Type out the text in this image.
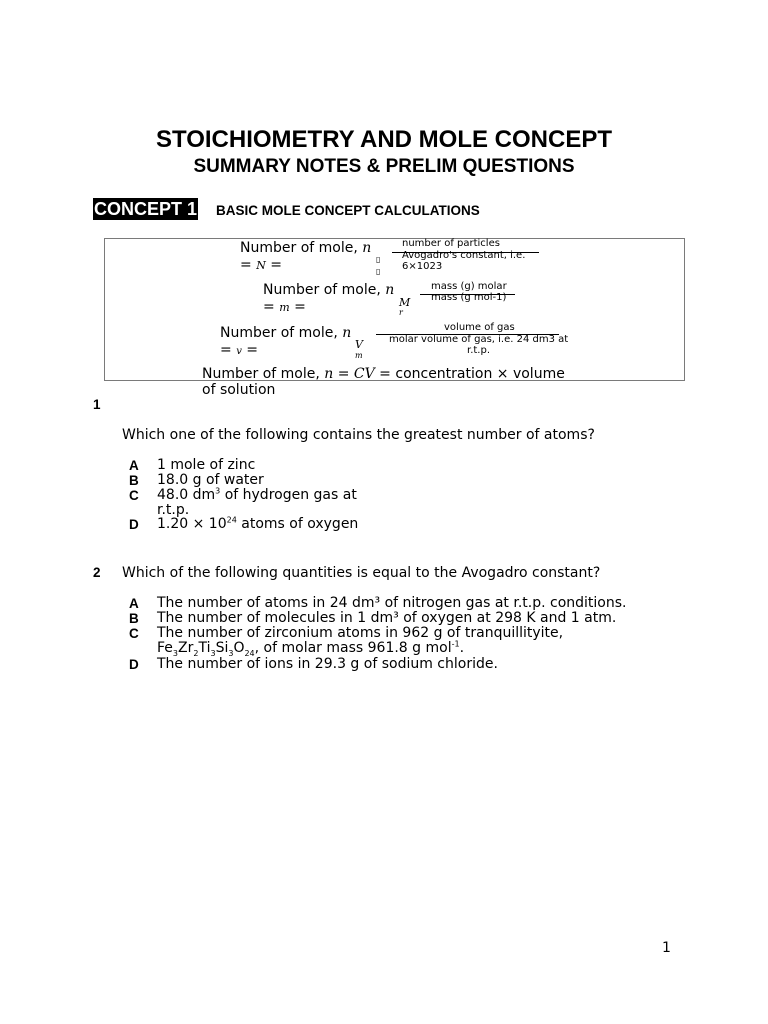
STOICHIOMETRY AND MOLE CONCEPT
SUMMARY NOTES & PRELIM QUESTIONS
CONCEPT 1 BASIC MOLE CONCEPT CALCULATIONS
Number of mole, n
= N =	▯
▯
number of particles
Avogadro's constant, i.e.
6×1023
Number of mole, n
= m =	M
r
mass (g) molar
mass (g mol-1)
Number of mole, n
= v =	V
m
volume of gas
molar volume of gas, i.e. 24 dm3 at
r.t.p.
Number of mole, n = CV = concentration × volume
of solution
1
Which one of the following contains the greatest number of atoms?
A 1 mole of zinc
B 18.0 g of water
C 48.0 $dm^3$ of hydrogen gas at
r.t.p.
D $1.20 \times 10^{24}$ atoms of oxygen
2 Which of the following quantities is equal to the Avogadro constant?
A The number of atoms in 24 dm³ of nitrogen gas at r.t.p. conditions.
B The number of molecules in 1 dm³ of oxygen at 298 K and 1 atm.
C The number of zirconium atoms in 962 g of tranquillityite,
$Fe_3Zr_2Ti_3Si_3O_{24}$, of molar mass 961.8 g mol$^{-1}$.
D The number of ions in 29.3 g of sodium chloride.
1
